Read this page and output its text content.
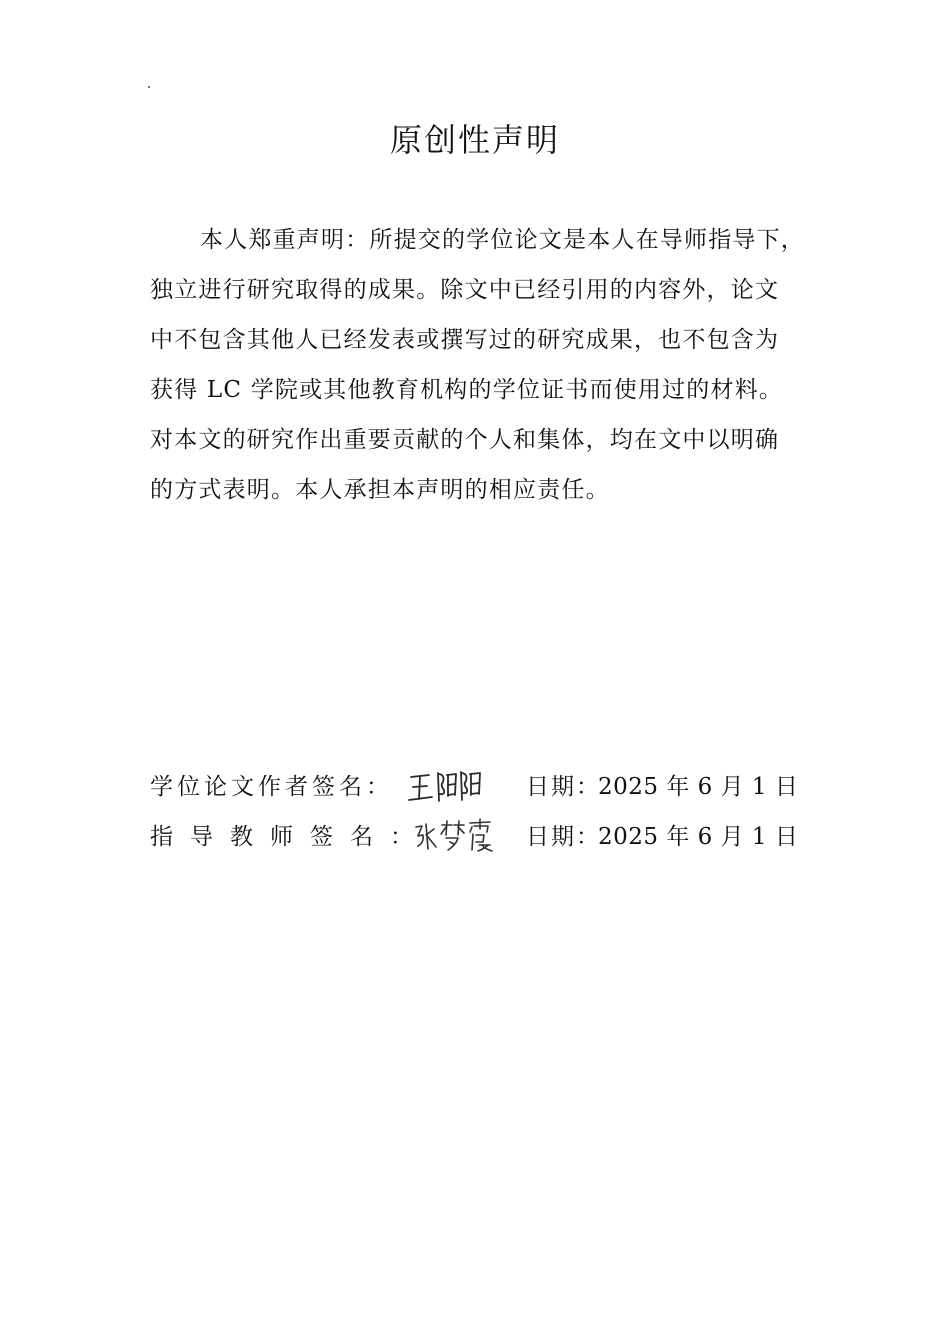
原创性声明
本人郑重声明：所提交的学位论文是本人在导师指导下，
独立进行研究取得的成果。除文中已经引用的内容外，论文
中不包含其他人已经发表或撰写过的研究成果，也不包含为
获得 LC 学院或其他教育机构的学位证书而使用过的材料。
对本文的研究作出重要贡献的个人和集体，均在文中以明确
的方式表明。本人承担本声明的相应责任。
学位论文作者签名：	日期：
2025 年 6 月 1 日
指导教师签名：	日期：
2025 年 6 月 1 日
